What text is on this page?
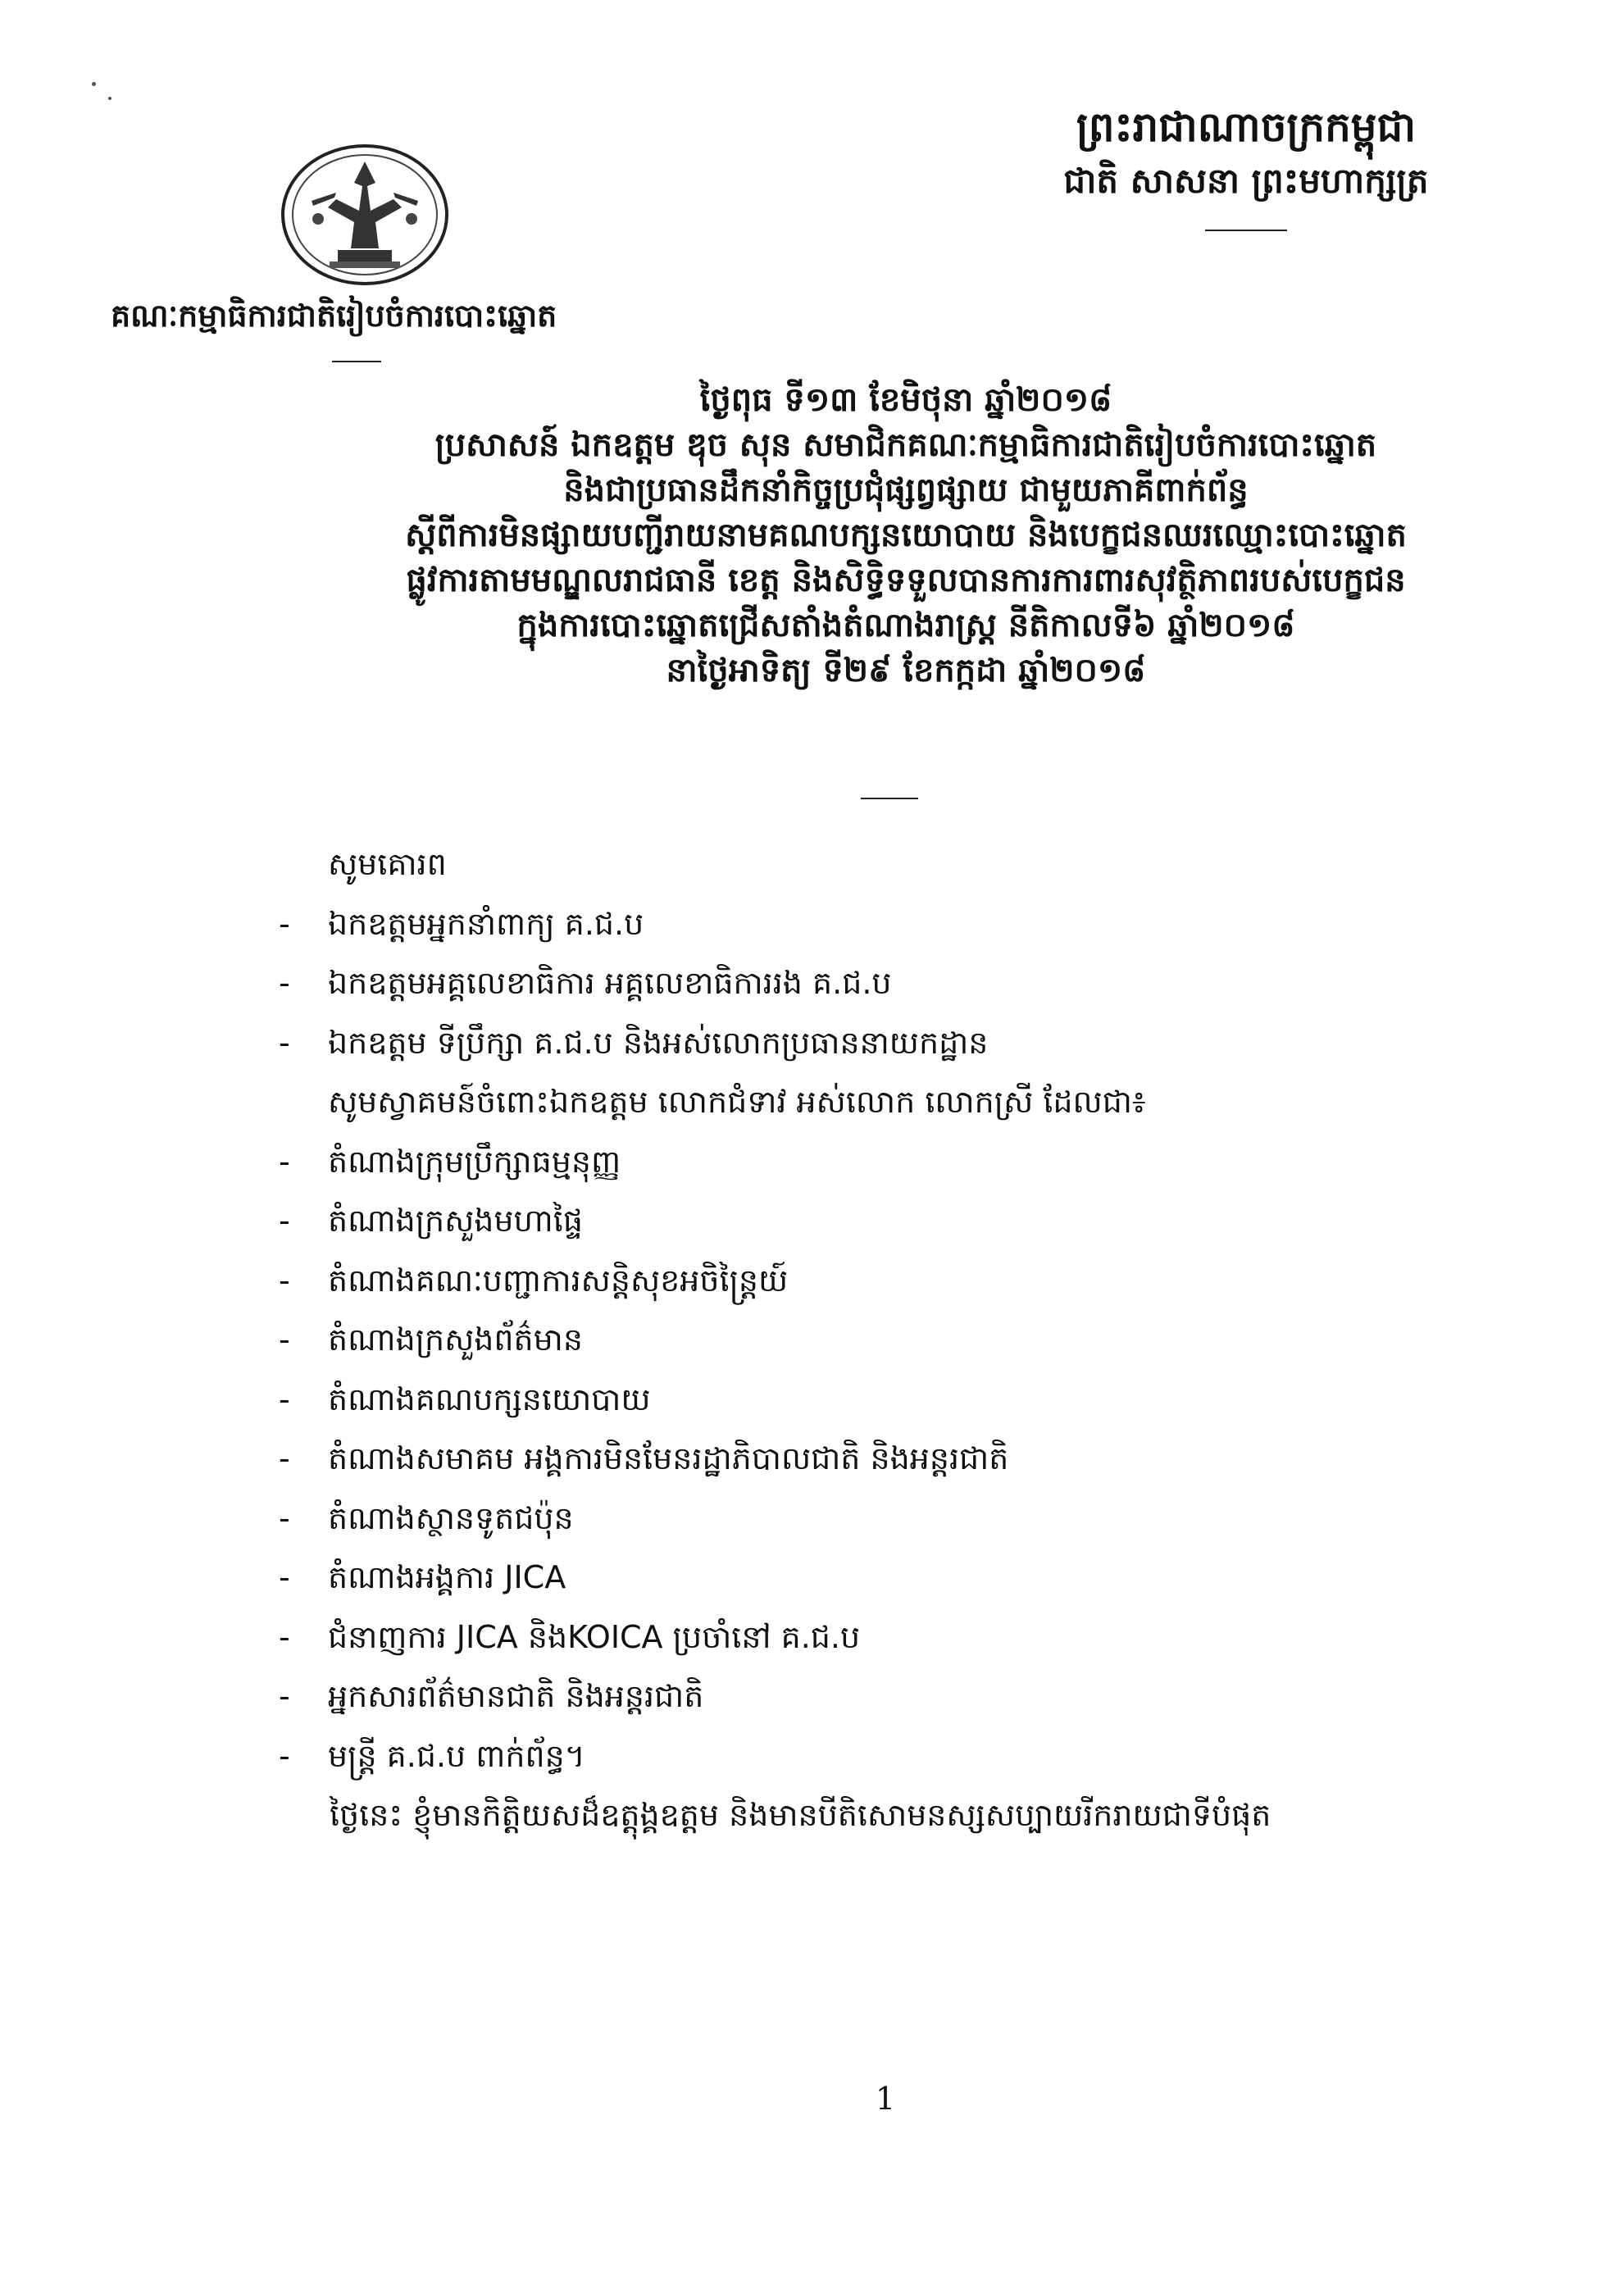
ព្រះរាជាណាចក្រកម្ពុជា
ជាតិ សាសនា ព្រះមហាក្សត្រ
គណៈកម្មាធិការជាតិរៀបចំការបោះឆ្នោត
ថ្ងៃពុធ ទី១៣ ខែមិថុនា ឆ្នាំ២០១៨
ប្រសាសន៍ ឯកឧត្តម ឌុច សុន សមាជិកគណៈកម្មាធិការជាតិរៀបចំការបោះឆ្នោត
និងជាប្រធានដឹកនាំកិច្ចប្រជុំផ្សព្វផ្សាយ ជាមួយភាគីពាក់ព័ន្ធ
ស្តីពីការមិនផ្សាយបញ្ជីរាយនាមគណបក្សនយោបាយ និងបេក្ខជនឈរឈ្មោះបោះឆ្នោត
ផ្លូវការតាមមណ្ឌលរាជធានី ខេត្ត និងសិទ្ធិទទួលបានការការពារសុវត្ថិភាពរបស់បេក្ខជន
ក្នុងការបោះឆ្នោតជ្រើសតាំងតំណាងរាស្ត្រ នីតិកាលទី៦ ឆ្នាំ២០១៨
នាថ្ងៃអាទិត្យ ទី២៩ ខែកក្កដា ឆ្នាំ២០១៨
សូមគោរព
-	ឯកឧត្តមអ្នកនាំពាក្យ គ.ជ.ប
-	ឯកឧត្តមអគ្គលេខាធិការ អគ្គលេខាធិការរង គ.ជ.ប
-	ឯកឧត្តម ទីប្រឹក្សា គ.ជ.ប និងអស់លោកប្រធាននាយកដ្ឋាន
សូមស្វាគមន៍ចំពោះឯកឧត្តម លោកជំទាវ អស់លោក លោកស្រី ដែលជា៖
-	តំណាងក្រុមប្រឹក្សាធម្មនុញ្ញ
-	តំណាងក្រសួងមហាផ្ទៃ
-	តំណាងគណៈបញ្ជាការសន្តិសុខអចិន្ត្រៃយ៍
-	តំណាងក្រសួងព័ត៌មាន
-	តំណាងគណបក្សនយោបាយ
-	តំណាងសមាគម អង្គការមិនមែនរដ្ឋាភិបាលជាតិ និងអន្តរជាតិ
-	តំណាងស្ថានទូតជប៉ុន
-	តំណាងអង្គការ JICA
-	ជំនាញការ JICA និងKOICA ប្រចាំនៅ គ.ជ.ប
-	អ្នកសារព័ត៌មានជាតិ និងអន្តរជាតិ
-	មន្ត្រី គ.ជ.ប ពាក់ព័ន្ធ។
ថ្ងៃនេះ ខ្ញុំមានកិត្តិយសដ៏ឧត្តុង្គឧត្តម និងមានបីតិសោមនស្សសប្បាយរីករាយជាទីបំផុត
1
